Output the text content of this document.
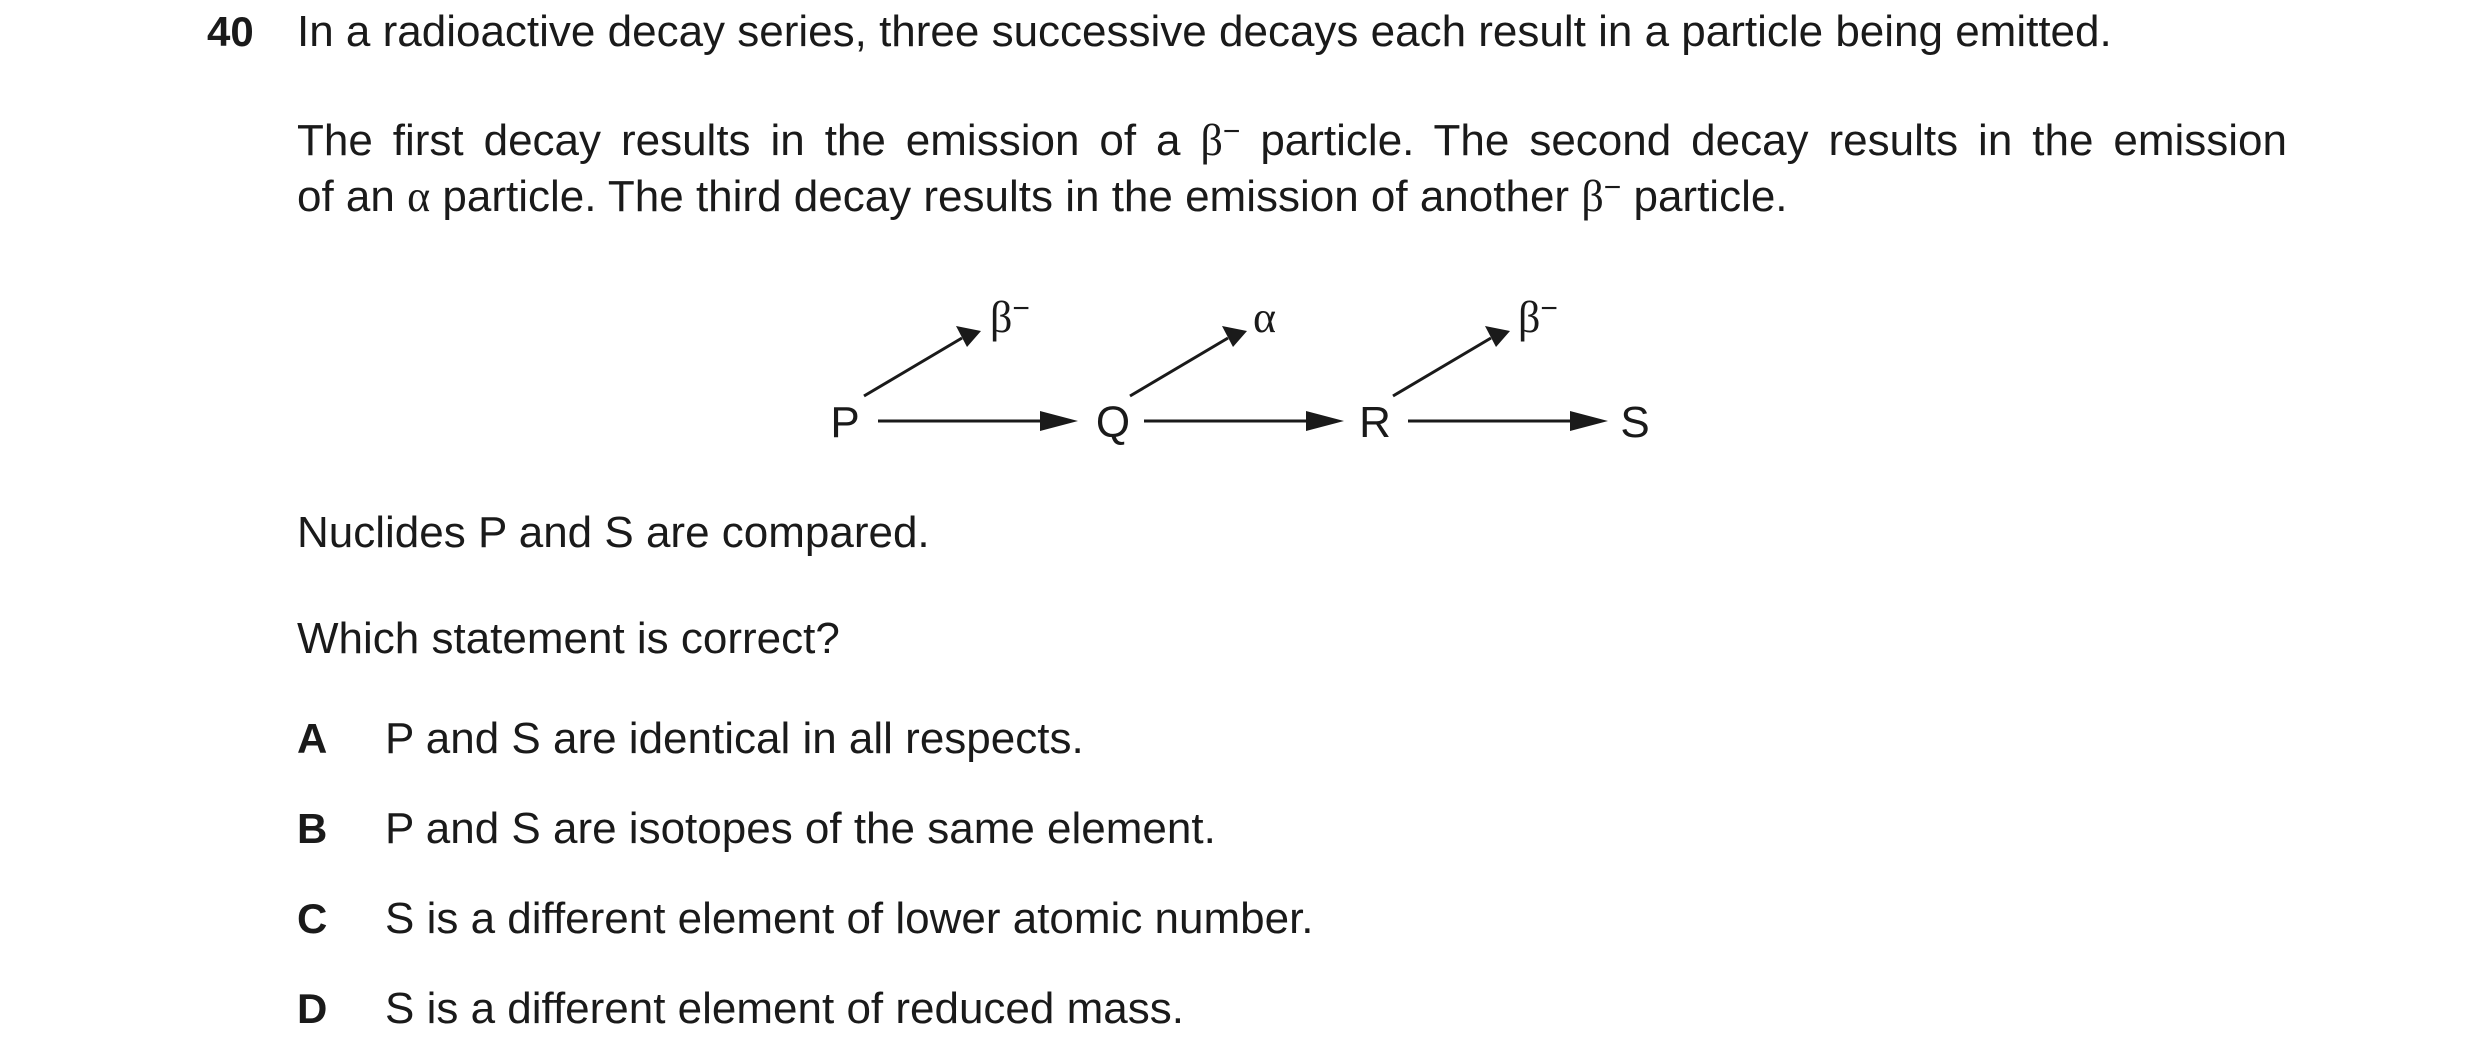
40 In a radioactive decay series, three successive decays each result in a particle being emitted.
The first decay results in the emission of a β− particle. The second decay results in the emission
of an α particle. The third decay results in the emission of another β− particle.
P	Q	R	S
β−	α	β−
Nuclides P and S are compared.
Which statement is correct?
A P and S are identical in all respects.
B P and S are isotopes of the same element.
C S is a different element of lower atomic number.
D S is a different element of reduced mass.
